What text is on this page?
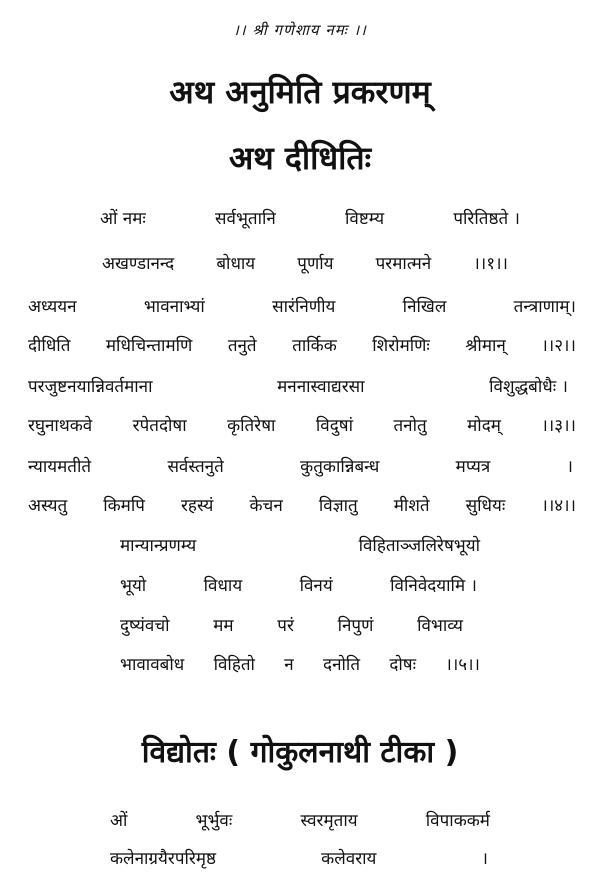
।। श्री गणेशाय नमः ।।
अथ अनुमिति प्रकरणम्
अथ दीधितिः
ओं नमः	सर्वभूतानि	विष्टम्य	परितिष्ठते ।
अखण्डानन्द बोधाय पूर्णाय परमात्मने ।।१।।
अध्ययन	भावनाभ्यां	सारंनिणीय	निखिल	तन्त्राणाम्।
दीधिति मधिचिन्तामणि तनुते तार्किक शिरोमणिः श्रीमान् ।।२।।
परजुष्टनयान्निवर्तमाना	मननास्वाद्यरसा	विशुद्धबोधैः ।
रघुनाथकवे रपेतदोषा कृतिरेषा विदुषां तनोतु मोदम् ।।३।।
न्यायमतीते	सर्वस्तनुते	कुतुकान्निबन्ध	मप्यत्र	।
अस्यतु किमपि रहस्यं केचन विज्ञातु मीशते सुधियः ।।४।।
मान्यान्प्रणम्य	विहिताञ्जलिरेषभूयो
भूयो	विधाय	विनयं	विनिवेदयामि ।
दुष्यंवचो	मम	परं	निपुणं	विभाव्य
भावावबोध विहितो न दनोति दोषः ।।५।।
विद्योतः ( गोकुलनाथी टीका )
ओं	भूर्भुवः	स्वरमृताय	विपाककर्म
कलेनाग्रयैरपरिमृष्ठ	कलेवराय	।
